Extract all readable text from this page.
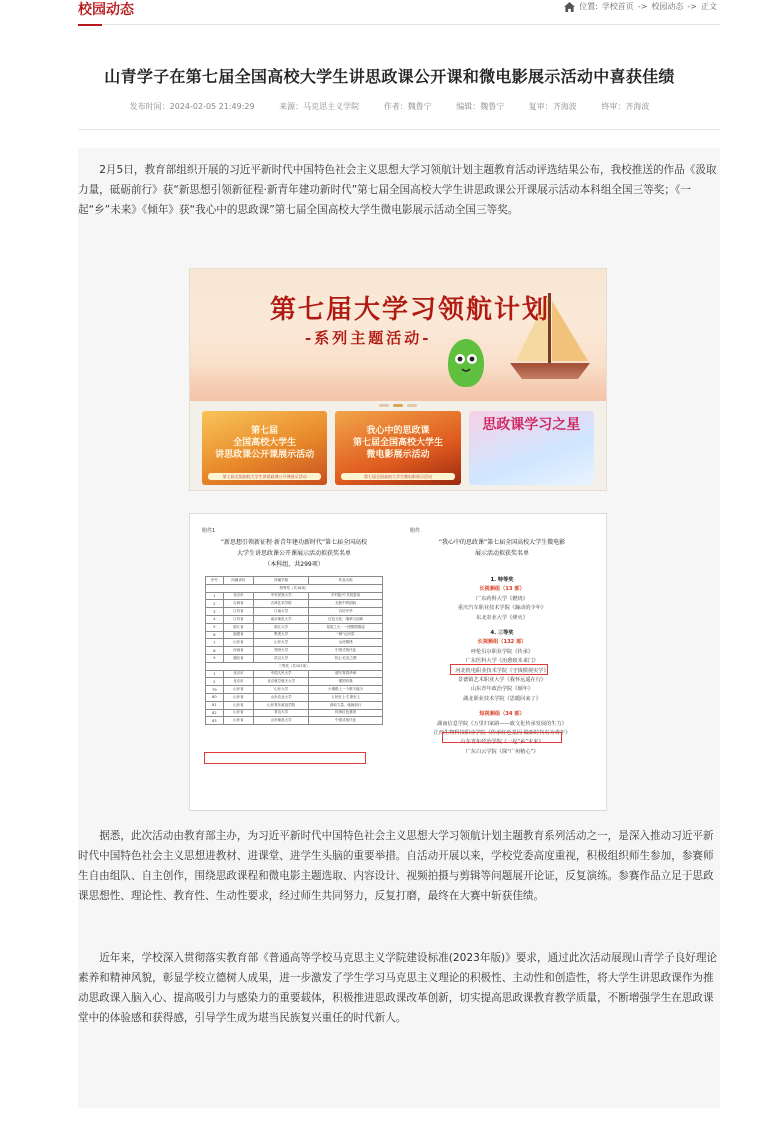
校园动态	位置: 学校首页 -> 校园动态 -> 正文
山青学子在第七届全国高校大学生讲思政课公开课和微电影展示活动中喜获佳绩
发布时间：2024-02-05 21:49:29	来源：马克思主义学院	作者：魏鲁宁	编辑：魏鲁宁	复审：齐海波	终审：齐海波

2月5日，教育部组织开展的习近平新时代中国特色社会主义思想大学习领航计划主题教育活动评选结果公布，我校推送的作品《汲取力量，砥砺前行》获“新思想引领新征程·新青年建功新时代”第七届全国高校大学生讲思政课公开课展示活动本科组全国三等奖；《一起“乡”未来》《倾年》获“我心中的思政课”第七届全国高校大学生微电影展示活动全国三等奖。

第七届大学习领航计划
-系列主题活动-
第七届
全国高校大学生
讲思政课公开课展示活动
第七届全国高校大学生讲思政课公开课展示活动
我心中的思政课
第七届全国高校大学生
微电影展示活动
第七届全国高校大学生微电影展示活动
思政课学习之星
附件1
“新思想引领新征程·新青年建功新时代”第七届全国高校
大学生讲思政课公开课展示活动拟获奖名单
（本科组，共299项）
序号	所属省份	所属学校	作品名称
特等奖（共16项）			
1	北京市	中央民族大学	乡村振兴·共同富裕
2	吉林省	吉林艺术学院	光影中的国韵
3	江苏省	江南大学	自信中华
4	江苏省	南京师范大学	红色文化：继承与创新
5	浙江省	浙江大学	星星之火：一团熊熊燃烧
6	福建省	集美大学	“闽”心向党
7	山东省	山东大学	山河锦绣
8	河南省	郑州大学	中国式现代化
9	湖北省	武汉大学	初心·红色之路
三等奖（共107项）			
1	北京市	中国人民大学	谱写青春华章
2	北京市	北京航空航天大学	强国有我
79	山东省	山东大学	小康路上一个都不能少
80	山东省	山东农业大学	人民至上·生命至上
81	山东省	山东青年政治学院	汲取力量，砥砺前行
82	山东省	青岛大学	传承红色基因
83	山东省	山东师范大学	中国式现代化
附件
“我心中的思政课”第七届全国高校大学生微电影
展示活动拟获奖名单
1. 特等奖
长视频组（13 部）
广东药科大学《燃烧》
重庆汽车职业技术学院《躁动的少年》
东北农业大学《烽火》
4. 三等奖
长视频组（132 部）
呼伦贝尔职业学院《传承》
广东医科大学《治愈致未来门》
河北机电职业技术学院《守钱惯视实学》
景德镇艺术职业大学《我怀远遥在行》
山东青年政治学院《倾年》
湖北职业技术学院《思暖回来了》
短视频组（34 部）
湖南信息学院《万里归家路——致文化传承发展的生力》
江西生物科技职业学院《传承红色基因 做新时代有为青年》
山东青年政治学院《一起“乡”未来》
广东白云学院《探“广州精心”》

据悉，此次活动由教育部主办，为习近平新时代中国特色社会主义思想大学习领航计划主题教育系列活动之一，是深入推动习近平新时代中国特色社会主义思想进教材、进课堂、进学生头脑的重要举措。自活动开展以来，学校党委高度重视，积极组织师生参加，参赛师生自由组队、自主创作，围绕思政课程和微电影主题选取、内容设计、视频拍摄与剪辑等问题展开论证，反复演练。参赛作品立足于思政课思想性、理论性、教育性、生动性要求，经过师生共同努力，反复打磨，最终在大赛中斩获佳绩。

近年来，学校深入贯彻落实教育部《普通高等学校马克思主义学院建设标准(2023年版)》要求，通过此次活动展现山青学子良好理论素养和精神风貌，彰显学校立德树人成果，进一步激发了学生学习马克思主义理论的积极性、主动性和创造性，将大学生讲思政课作为推动思政课入脑入心、提高吸引力与感染力的重要载体，积极推进思政课改革创新，切实提高思政课教育教学质量，不断增强学生在思政课堂中的体验感和获得感，引导学生成为堪当民族复兴重任的时代新人。
